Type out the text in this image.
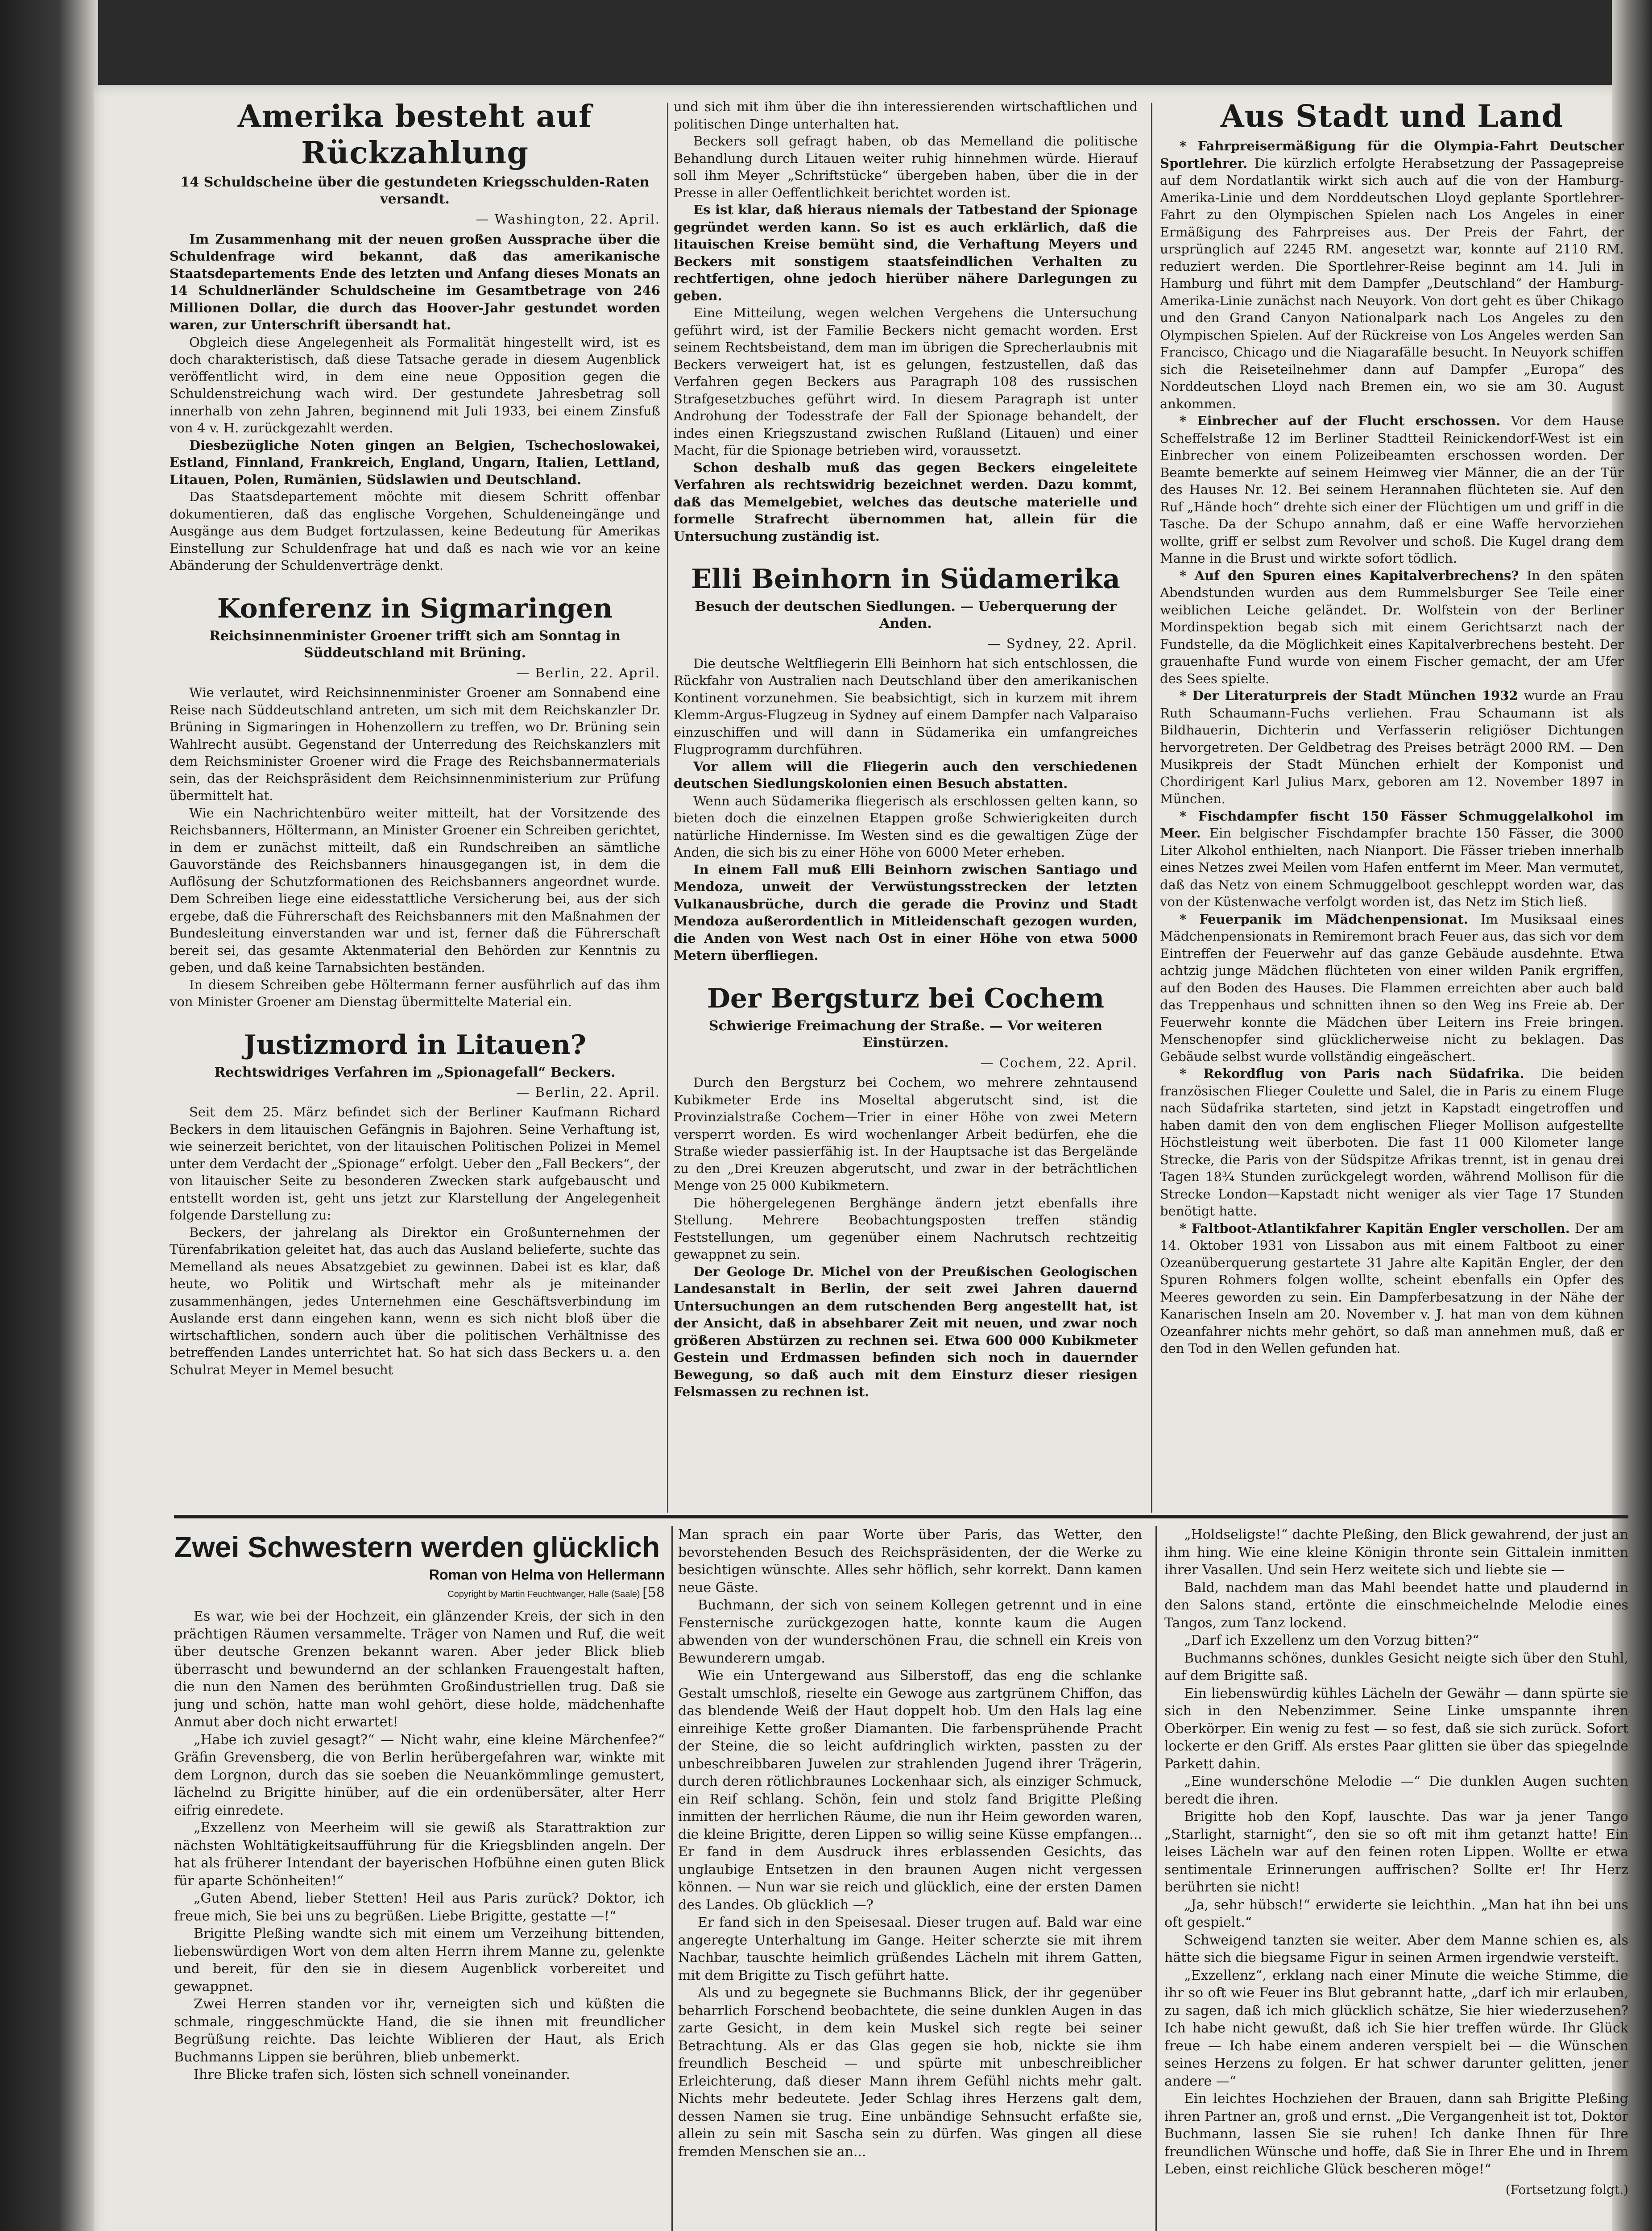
Amerika besteht auf Rückzahlung
14 Schuldscheine über die gestundeten Kriegsschulden-Raten versandt.
— Washington, 22. April.

Im Zusammenhang mit der neuen großen Aussprache über die Schuldenfrage wird bekannt, daß das amerikanische Staatsdepartements Ende des letzten und Anfang dieses Monats an 14 Schuldnerländer Schuldscheine im Gesamtbetrage von 246 Millionen Dollar, die durch das Hoover-Jahr gestundet worden waren, zur Unterschrift übersandt hat.

Obgleich diese Angelegenheit als Formalität hingestellt wird, ist es doch charakteristisch, daß diese Tatsache gerade in diesem Augenblick veröffentlicht wird, in dem eine neue Opposition gegen die Schuldenstreichung wach wird. Der gestundete Jahresbetrag soll innerhalb von zehn Jahren, beginnend mit Juli 1933, bei einem Zinsfuß von 4 v. H. zurückgezahlt werden.

Diesbezügliche Noten gingen an Belgien, Tschechoslowakei, Estland, Finnland, Frankreich, England, Ungarn, Italien, Lettland, Litauen, Polen, Rumänien, Südslawien und Deutschland.

Das Staatsdepartement möchte mit diesem Schritt offenbar dokumentieren, daß das englische Vorgehen, Schuldeneingänge und Ausgänge aus dem Budget fortzulassen, keine Bedeutung für Amerikas Einstellung zur Schuldenfrage hat und daß es nach wie vor an keine Abänderung der Schuldenverträge denkt.

Konferenz in Sigmaringen
Reichsinnenminister Groener trifft sich am Sonntag in Süddeutschland mit Brüning.
— Berlin, 22. April.

Wie verlautet, wird Reichsinnenminister Groener am Sonnabend eine Reise nach Süddeutschland antreten, um sich mit dem Reichskanzler Dr. Brüning in Sigmaringen in Hohenzollern zu treffen, wo Dr. Brüning sein Wahlrecht ausübt. Gegenstand der Unterredung des Reichskanzlers mit dem Reichsminister Groener wird die Frage des Reichsbannermaterials sein, das der Reichspräsident dem Reichsinnenministerium zur Prüfung übermittelt hat.

Wie ein Nachrichtenbüro weiter mitteilt, hat der Vorsitzende des Reichsbanners, Höltermann, an Minister Groener ein Schreiben gerichtet, in dem er zunächst mitteilt, daß ein Rundschreiben an sämtliche Gauvorstände des Reichsbanners hinausgegangen ist, in dem die Auflösung der Schutzformationen des Reichsbanners angeordnet wurde. Dem Schreiben liege eine eidesstattliche Versicherung bei, aus der sich ergebe, daß die Führerschaft des Reichsbanners mit den Maßnahmen der Bundesleitung einverstanden war und ist, ferner daß die Führerschaft bereit sei, das gesamte Aktenmaterial den Behörden zur Kenntnis zu geben, und daß keine Tarnabsichten beständen.

In diesem Schreiben gebe Höltermann ferner ausführlich auf das ihm von Minister Groener am Dienstag übermittelte Material ein.

Justizmord in Litauen?
Rechtswidriges Verfahren im „Spionagefall“ Beckers.
— Berlin, 22. April.

Seit dem 25. März befindet sich der Berliner Kaufmann Richard Beckers in dem litauischen Gefängnis in Bajohren. Seine Verhaftung ist, wie seinerzeit berichtet, von der litauischen Politischen Polizei in Memel unter dem Verdacht der „Spionage“ erfolgt. Ueber den „Fall Beckers“, der von litauischer Seite zu besonderen Zwecken stark aufgebauscht und entstellt worden ist, geht uns jetzt zur Klarstellung der Angelegenheit folgende Darstellung zu:

Beckers, der jahrelang als Direktor ein Großunternehmen der Türenfabrikation geleitet hat, das auch das Ausland belieferte, suchte das Memelland als neues Absatzgebiet zu gewinnen. Dabei ist es klar, daß heute, wo Politik und Wirtschaft mehr als je miteinander zusammenhängen, jedes Unternehmen eine Geschäftsverbindung im Auslande erst dann eingehen kann, wenn es sich nicht bloß über die wirtschaftlichen, sondern auch über die politischen Verhältnisse des betreffenden Landes unterrichtet hat. So hat sich dass Beckers u. a. den Schulrat Meyer in Memel besucht

und sich mit ihm über die ihn interessierenden wirtschaftlichen und politischen Dinge unterhalten hat.

Beckers soll gefragt haben, ob das Memelland die politische Behandlung durch Litauen weiter ruhig hinnehmen würde. Hierauf soll ihm Meyer „Schriftstücke“ übergeben haben, über die in der Presse in aller Oeffentlichkeit berichtet worden ist.

Es ist klar, daß hieraus niemals der Tatbestand der Spionage gegründet werden kann. So ist es auch erklärlich, daß die litauischen Kreise bemüht sind, die Verhaftung Meyers und Beckers mit sonstigem staatsfeindlichen Verhalten zu rechtfertigen, ohne jedoch hierüber nähere Darlegungen zu geben.

Eine Mitteilung, wegen welchen Vergehens die Untersuchung geführt wird, ist der Familie Beckers nicht gemacht worden. Erst seinem Rechtsbeistand, dem man im übrigen die Sprecherlaubnis mit Beckers verweigert hat, ist es gelungen, festzustellen, daß das Verfahren gegen Beckers aus Paragraph 108 des russischen Strafgesetzbuches geführt wird. In diesem Paragraph ist unter Androhung der Todesstrafe der Fall der Spionage behandelt, der indes einen Kriegszustand zwischen Rußland (Litauen) und einer Macht, für die Spionage betrieben wird, voraussetzt.

Schon deshalb muß das gegen Beckers eingeleitete Verfahren als rechtswidrig bezeichnet werden. Dazu kommt, daß das Memelgebiet, welches das deutsche materielle und formelle Strafrecht übernommen hat, allein für die Untersuchung zuständig ist.

Elli Beinhorn in Südamerika
Besuch der deutschen Siedlungen. — Ueberquerung der Anden.
— Sydney, 22. April.

Die deutsche Weltfliegerin Elli Beinhorn hat sich entschlossen, die Rückfahr von Australien nach Deutschland über den amerikanischen Kontinent vorzunehmen. Sie beabsichtigt, sich in kurzem mit ihrem Klemm-Argus-Flugzeug in Sydney auf einem Dampfer nach Valparaiso einzuschiffen und will dann in Südamerika ein umfangreiches Flugprogramm durchführen.

Vor allem will die Fliegerin auch den verschiedenen deutschen Siedlungskolonien einen Besuch abstatten.

Wenn auch Südamerika fliegerisch als erschlossen gelten kann, so bieten doch die einzelnen Etappen große Schwierigkeiten durch natürliche Hindernisse. Im Westen sind es die gewaltigen Züge der Anden, die sich bis zu einer Höhe von 6000 Meter erheben.

In einem Fall muß Elli Beinhorn zwischen Santiago und Mendoza, unweit der Verwüstungsstrecken der letzten Vulkanausbrüche, durch die gerade die Provinz und Stadt Mendoza außerordentlich in Mitleidenschaft gezogen wurden, die Anden von West nach Ost in einer Höhe von etwa 5000 Metern überfliegen.

Der Bergsturz bei Cochem
Schwierige Freimachung der Straße. — Vor weiteren Einstürzen.
— Cochem, 22. April.

Durch den Bergsturz bei Cochem, wo mehrere zehntausend Kubikmeter Erde ins Moseltal abgerutscht sind, ist die Provinzialstraße Cochem—Trier in einer Höhe von zwei Metern versperrt worden. Es wird wochenlanger Arbeit bedürfen, ehe die Straße wieder passierfähig ist. In der Hauptsache ist das Bergelände zu den „Drei Kreuzen abgerutscht, und zwar in der beträchtlichen Menge von 25 000 Kubikmetern.

Die höhergelegenen Berghänge ändern jetzt ebenfalls ihre Stellung. Mehrere Beobachtungsposten treffen ständig Feststellungen, um gegenüber einem Nachrutsch rechtzeitig gewappnet zu sein.

Der Geologe Dr. Michel von der Preußischen Geologischen Landesanstalt in Berlin, der seit zwei Jahren dauernd Untersuchungen an dem rutschenden Berg angestellt hat, ist der Ansicht, daß in absehbarer Zeit mit neuen, und zwar noch größeren Abstürzen zu rechnen sei. Etwa 600 000 Kubikmeter Gestein und Erdmassen befinden sich noch in dauernder Bewegung, so daß auch mit dem Einsturz dieser riesigen Felsmassen zu rechnen ist.

Aus Stadt und Land

* Fahrpreisermäßigung für die Olympia-Fahrt Deutscher Sportlehrer. Die kürzlich erfolgte Herabsetzung der Passagepreise auf dem Nordatlantik wirkt sich auch auf die von der Hamburg-Amerika-Linie und dem Norddeutschen Lloyd geplante Sportlehrer-Fahrt zu den Olympischen Spielen nach Los Angeles in einer Ermäßigung des Fahrpreises aus. Der Preis der Fahrt, der ursprünglich auf 2245 RM. angesetzt war, konnte auf 2110 RM. reduziert werden. Die Sportlehrer-Reise beginnt am 14. Juli in Hamburg und führt mit dem Dampfer „Deutschland“ der Hamburg-Amerika-Linie zunächst nach Neuyork. Von dort geht es über Chikago und den Grand Canyon Nationalpark nach Los Angeles zu den Olympischen Spielen. Auf der Rückreise von Los Angeles werden San Francisco, Chicago und die Niagarafälle besucht. In Neuyork schiffen sich die Reiseteilnehmer dann auf Dampfer „Europa“ des Norddeutschen Lloyd nach Bremen ein, wo sie am 30. August ankommen.

* Einbrecher auf der Flucht erschossen. Vor dem Hause Scheffelstraße 12 im Berliner Stadtteil Reinickendorf-West ist ein Einbrecher von einem Polizeibeamten erschossen worden. Der Beamte bemerkte auf seinem Heimweg vier Männer, die an der Tür des Hauses Nr. 12. Bei seinem Herannahen flüchteten sie. Auf den Ruf „Hände hoch“ drehte sich einer der Flüchtigen um und griff in die Tasche. Da der Schupo annahm, daß er eine Waffe hervorziehen wollte, griff er selbst zum Revolver und schoß. Die Kugel drang dem Manne in die Brust und wirkte sofort tödlich.

* Auf den Spuren eines Kapitalverbrechens? In den späten Abendstunden wurden aus dem Rummelsburger See Teile einer weiblichen Leiche geländet. Dr. Wolfstein von der Berliner Mordinspektion begab sich mit einem Gerichtsarzt nach der Fundstelle, da die Möglichkeit eines Kapitalverbrechens besteht. Der grauenhafte Fund wurde von einem Fischer gemacht, der am Ufer des Sees spielte.

* Der Literaturpreis der Stadt München 1932 wurde an Frau Ruth Schaumann-Fuchs verliehen. Frau Schaumann ist als Bildhauerin, Dichterin und Verfasserin religiöser Dichtungen hervorgetreten. Der Geldbetrag des Preises beträgt 2000 RM. — Den Musikpreis der Stadt München erhielt der Komponist und Chordirigent Karl Julius Marx, geboren am 12. November 1897 in München.

* Fischdampfer fischt 150 Fässer Schmuggelalkohol im Meer. Ein belgischer Fischdampfer brachte 150 Fässer, die 3000 Liter Alkohol enthielten, nach Nianport. Die Fässer trieben innerhalb eines Netzes zwei Meilen vom Hafen entfernt im Meer. Man vermutet, daß das Netz von einem Schmuggelboot geschleppt worden war, das von der Küstenwache verfolgt worden ist, das Netz im Stich ließ.

* Feuerpanik im Mädchenpensionat. Im Musiksaal eines Mädchenpensionats in Remiremont brach Feuer aus, das sich vor dem Eintreffen der Feuerwehr auf das ganze Gebäude ausdehnte. Etwa achtzig junge Mädchen flüchteten von einer wilden Panik ergriffen, auf den Boden des Hauses. Die Flammen erreichten aber auch bald das Treppenhaus und schnitten ihnen so den Weg ins Freie ab. Der Feuerwehr konnte die Mädchen über Leitern ins Freie bringen. Menschenopfer sind glücklicherweise nicht zu beklagen. Das Gebäude selbst wurde vollständig eingeäschert.

* Rekordflug von Paris nach Südafrika. Die beiden französischen Flieger Coulette und Salel, die in Paris zu einem Fluge nach Südafrika starteten, sind jetzt in Kapstadt eingetroffen und haben damit den von dem englischen Flieger Mollison aufgestellte Höchstleistung weit überboten. Die fast 11 000 Kilometer lange Strecke, die Paris von der Südspitze Afrikas trennt, ist in genau drei Tagen 18¾ Stunden zurückgelegt worden, während Mollison für die Strecke London—Kapstadt nicht weniger als vier Tage 17 Stunden benötigt hatte.

* Faltboot-Atlantikfahrer Kapitän Engler verschollen. Der am 14. Oktober 1931 von Lissabon aus mit einem Faltboot zu einer Ozeanüberquerung gestartete 31 Jahre alte Kapitän Engler, der den Spuren Rohmers folgen wollte, scheint ebenfalls ein Opfer des Meeres geworden zu sein. Ein Dampferbesatzung in der Nähe der Kanarischen Inseln am 20. November v. J. hat man von dem kühnen Ozeanfahrer nichts mehr gehört, so daß man annehmen muß, daß er den Tod in den Wellen gefunden hat.

Zwei Schwestern werden glücklich
Roman von Helma von Hellermann
Copyright by Martin Feuchtwanger, Halle (Saale) [58

Es war, wie bei der Hochzeit, ein glänzender Kreis, der sich in den prächtigen Räumen versammelte. Träger von Namen und Ruf, die weit über deutsche Grenzen bekannt waren. Aber jeder Blick blieb überrascht und bewundernd an der schlanken Frauengestalt haften, die nun den Namen des berühmten Großindustriellen trug. Daß sie jung und schön, hatte man wohl gehört, diese holde, mädchenhafte Anmut aber doch nicht erwartet!

„Habe ich zuviel gesagt?“ — Nicht wahr, eine kleine Märchenfee?“ Gräfin Grevensberg, die von Berlin herübergefahren war, winkte mit dem Lorgnon, durch das sie soeben die Neuankömmlinge gemustert, lächelnd zu Brigitte hinüber, auf die ein ordenübersäter, alter Herr eifrig einredete.

„Exzellenz von Meerheim will sie gewiß als Starattraktion zur nächsten Wohltätigkeitsaufführung für die Kriegsblinden angeln. Der hat als früherer Intendant der bayerischen Hofbühne einen guten Blick für aparte Schönheiten!“

„Guten Abend, lieber Stetten! Heil aus Paris zurück? Doktor, ich freue mich, Sie bei uns zu begrüßen. Liebe Brigitte, gestatte —!“

Brigitte Pleßing wandte sich mit einem um Verzeihung bittenden, liebenswürdigen Wort von dem alten Herrn ihrem Manne zu, gelenkte und bereit, für den sie in diesem Augenblick vorbereitet und gewappnet.

Zwei Herren standen vor ihr, verneigten sich und küßten die schmale, ringgeschmückte Hand, die sie ihnen mit freundlicher Begrüßung reichte. Das leichte Wiblieren der Haut, als Erich Buchmanns Lippen sie berühren, blieb unbemerkt.

Ihre Blicke trafen sich, lösten sich schnell voneinander.

Man sprach ein paar Worte über Paris, das Wetter, den bevorstehenden Besuch des Reichspräsidenten, der die Werke zu besichtigen wünschte. Alles sehr höflich, sehr korrekt. Dann kamen neue Gäste.

Buchmann, der sich von seinem Kollegen getrennt und in eine Fensternische zurückgezogen hatte, konnte kaum die Augen abwenden von der wunderschönen Frau, die schnell ein Kreis von Bewunderern umgab.

Wie ein Untergewand aus Silberstoff, das eng die schlanke Gestalt umschloß, rieselte ein Gewoge aus zartgrünem Chiffon, das das blendende Weiß der Haut doppelt hob. Um den Hals lag eine einreihige Kette großer Diamanten. Die farbensprühende Pracht der Steine, die so leicht aufdringlich wirkten, passten zu der unbeschreibbaren Juwelen zur strahlenden Jugend ihrer Trägerin, durch deren rötlichbraunes Lockenhaar sich, als einziger Schmuck, ein Reif schlang. Schön, fein und stolz fand Brigitte Pleßing inmitten der herrlichen Räume, die nun ihr Heim geworden waren, die kleine Brigitte, deren Lippen so willig seine Küsse empfangen... Er fand in dem Ausdruck ihres erblassenden Gesichts, das unglaubige Entsetzen in den braunen Augen nicht vergessen können. — Nun war sie reich und glücklich, eine der ersten Damen des Landes. Ob glücklich —?

Er fand sich in den Speisesaal. Dieser trugen auf. Bald war eine angeregte Unterhaltung im Gange. Heiter scherzte sie mit ihrem Nachbar, tauschte heimlich grüßendes Lächeln mit ihrem Gatten, mit dem Brigitte zu Tisch geführt hatte.

Als und zu begegnete sie Buchmanns Blick, der ihr gegenüber beharrlich Forschend beobachtete, die seine dunklen Augen in das zarte Gesicht, in dem kein Muskel sich regte bei seiner Betrachtung. Als er das Glas gegen sie hob, nickte sie ihm freundlich Bescheid — und spürte mit unbeschreiblicher Erleichterung, daß dieser Mann ihrem Gefühl nichts mehr galt. Nichts mehr bedeutete. Jeder Schlag ihres Herzens galt dem, dessen Namen sie trug. Eine unbändige Sehnsucht erfaßte sie, allein zu sein mit Sascha sein zu dürfen. Was gingen all diese fremden Menschen sie an...

„Holdseligste!“ dachte Pleßing, den Blick gewahrend, der just an ihm hing. Wie eine kleine Königin thronte sein Gittalein inmitten ihrer Vasallen. Und sein Herz weitete sich und liebte sie —

Bald, nachdem man das Mahl beendet hatte und plaudernd in den Salons stand, ertönte die einschmeichelnde Melodie eines Tangos, zum Tanz lockend.

„Darf ich Exzellenz um den Vorzug bitten?“

Buchmanns schönes, dunkles Gesicht neigte sich über den Stuhl, auf dem Brigitte saß.

Ein liebenswürdig kühles Lächeln der Gewähr — dann spürte sie sich in den Nebenzimmer. Seine Linke umspannte ihren Oberkörper. Ein wenig zu fest — so fest, daß sie sich zurück. Sofort lockerte er den Griff. Als erstes Paar glitten sie über das spiegelnde Parkett dahin.

„Eine wunderschöne Melodie —“ Die dunklen Augen suchten beredt die ihren.

Brigitte hob den Kopf, lauschte. Das war ja jener Tango „Starlight, starnight“, den sie so oft mit ihm getanzt hatte! Ein leises Lächeln war auf den feinen roten Lippen. Wollte er etwa sentimentale Erinnerungen auffrischen? Sollte er! Ihr Herz berührten sie nicht!

„Ja, sehr hübsch!“ erwiderte sie leichthin. „Man hat ihn bei uns oft gespielt.“

Schweigend tanzten sie weiter. Aber dem Manne schien es, als hätte sich die biegsame Figur in seinen Armen irgendwie versteift.

„Exzellenz“, erklang nach einer Minute die weiche Stimme, die ihr so oft wie Feuer ins Blut gebrannt hatte, „darf ich mir erlauben, zu sagen, daß ich mich glücklich schätze, Sie hier wiederzusehen? Ich habe nicht gewußt, daß ich Sie hier treffen würde. Ihr Glück freue — Ich habe einem anderen verspielt bei — die Wünschen seines Herzens zu folgen. Er hat schwer darunter gelitten, jener andere —“

Ein leichtes Hochziehen der Brauen, dann sah Brigitte Pleßing ihren Partner an, groß und ernst. „Die Vergangenheit ist tot, Doktor Buchmann, lassen Sie sie ruhen! Ich danke Ihnen für Ihre freundlichen Wünsche und hoffe, daß Sie in Ihrer Ehe und in Ihrem Leben, einst reichliche Glück bescheren möge!“

(Fortsetzung folgt.)
